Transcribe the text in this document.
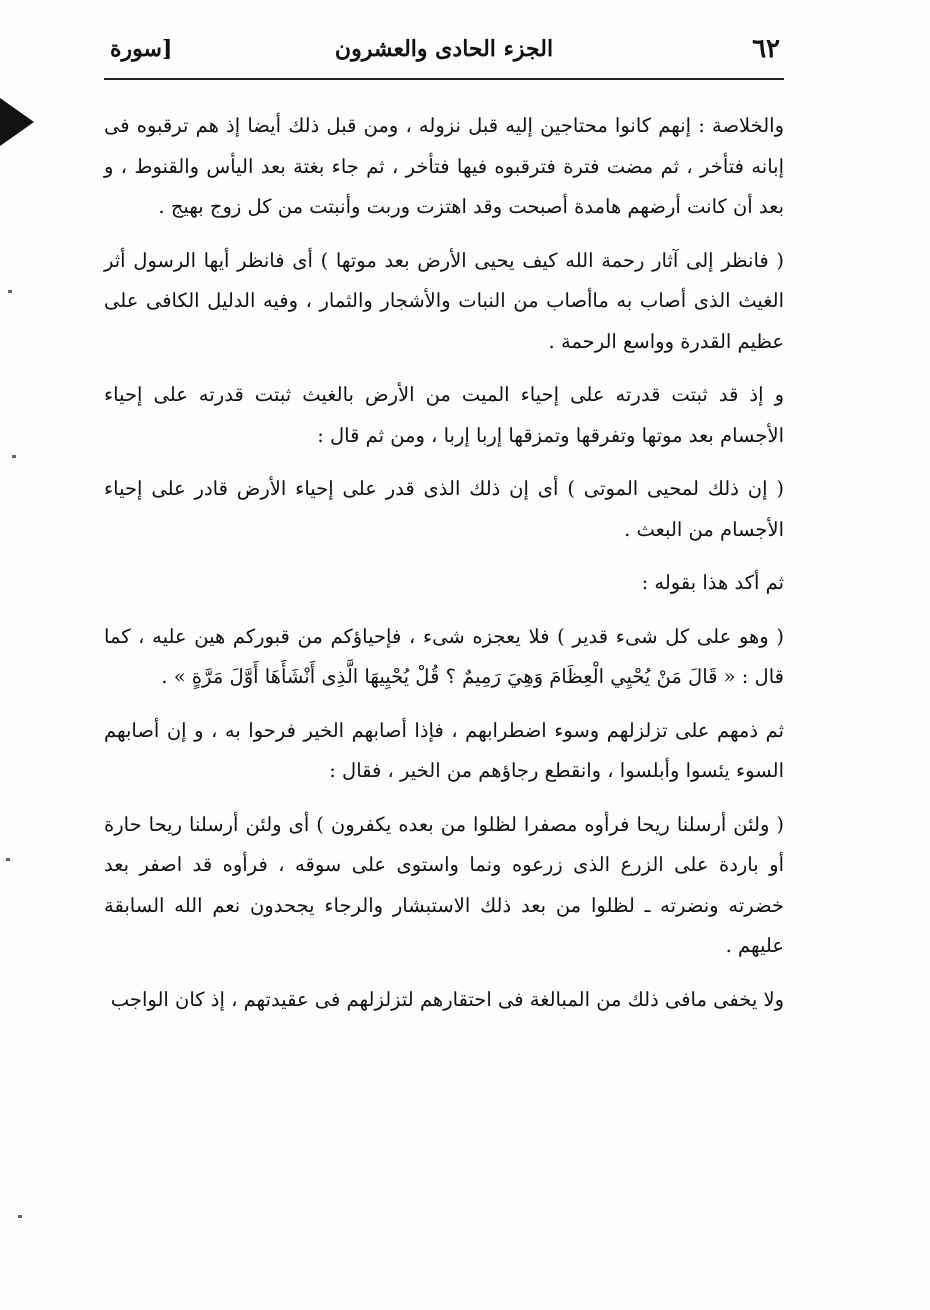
٦٢
الجزء الحادى والعشرون
[سورة

والخلاصة : إنهم كانوا محتاجين إليه قبل نزوله ، ومن قبل ذلك أيضا إذ هم ترقبوه فى إبانه فتأخر ، ثم مضت فترة فترقبوه فيها فتأخر ، ثم جاء بغتة بعد اليأس والقنوط ، و بعد أن كانت أرضهم هامدة أصبحت وقد اهتزت وربت وأنبتت من كل زوج بهيج .

( فانظر إلى آثار رحمة الله كيف يحيى الأرض بعد موتها ) أى فانظر أيها الرسول أثر الغيث الذى أصاب به ماأصاب من النبات والأشجار والثمار ، وفيه الدليل الكافى على عظيم القدرة وواسع الرحمة .

و إذ قد ثبتت قدرته على إحياء الميت من الأرض بالغيث ثبتت قدرته على إحياء الأجسام بعد موتها وتفرقها وتمزقها إربا إربا ، ومن ثم قال :

( إن ذلك لمحيى الموتى ) أى إن ذلك الذى قدر على إحياء الأرض قادر على إحياء الأجسام من البعث .

ثم أكد هذا بقوله :

( وهو على كل شىء قدير ) فلا يعجزه شىء ، فإحياؤكم من قبوركم هين عليه ، كما قال : « قَالَ مَنْ يُحْيِي الْعِظَامَ وَهِيَ رَمِيمٌ ؟ قُلْ يُحْيِيهَا الَّذِى أَنْشَأَهَا أَوَّلَ مَرَّةٍ » .

ثم ذمهم على تزلزلهم وسوء اضطرابهم ، فإذا أصابهم الخير فرحوا به ، و إن أصابهم السوء يئسوا وأبلسوا ، وانقطع رجاؤهم من الخير ، فقال :

( ولئن أرسلنا ريحا فرأوه مصفرا لظلوا من بعده يكفرون ) أى ولئن أرسلنا ريحا حارة أو باردة على الزرع الذى زرعوه ونما واستوى على سوقه ، فرأوه قد اصفر بعد خضرته ونضرته ـ لظلوا من بعد ذلك الاستبشار والرجاء يجحدون نعم الله السابقة عليهم .

ولا يخفى مافى ذلك من المبالغة فى احتقارهم لتزلزلهم فى عقيدتهم ، إذ كان الواجب
